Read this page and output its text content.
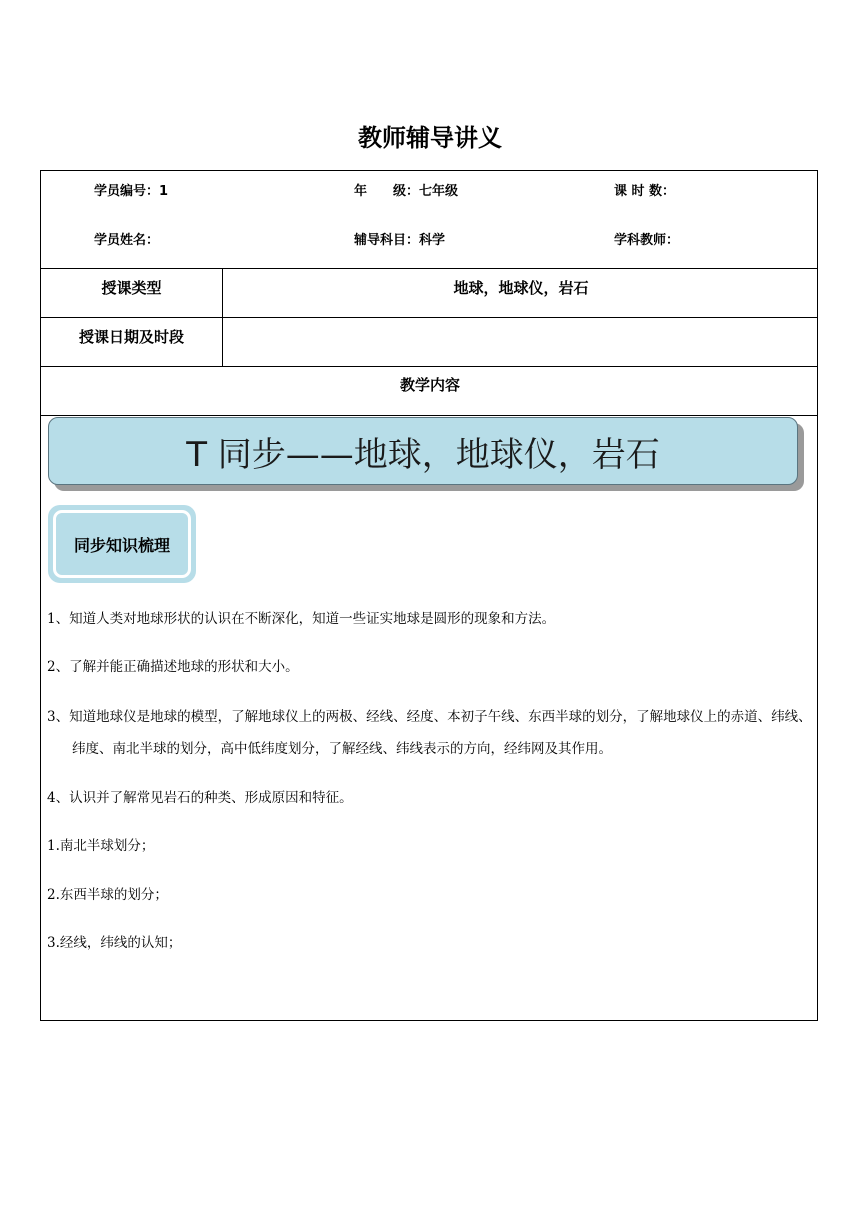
教师辅导讲义
学员编号：1	年　　级：七年级	课 时 数：
学员姓名：	辅导科目：科学	学科教师：
授课类型	地球，地球仪，岩石
授课日期及时段
教学内容
T 同步——地球，地球仪，岩石
同步知识梳理
1、知道人类对地球形状的认识在不断深化，知道一些证实地球是圆形的现象和方法。
2、了解并能正确描述地球的形状和大小。
3、知道地球仪是地球的模型，了解地球仪上的两极、经线、经度、本初子午线、东西半球的划分，了解地球仪上的赤道、纬线、纬度、南北半球的划分，高中低纬度划分，了解经线、纬线表示的方向，经纬网及其作用。
4、认识并了解常见岩石的种类、形成原因和特征。
1.南北半球划分；
2.东西半球的划分；
3.经线，纬线的认知；
